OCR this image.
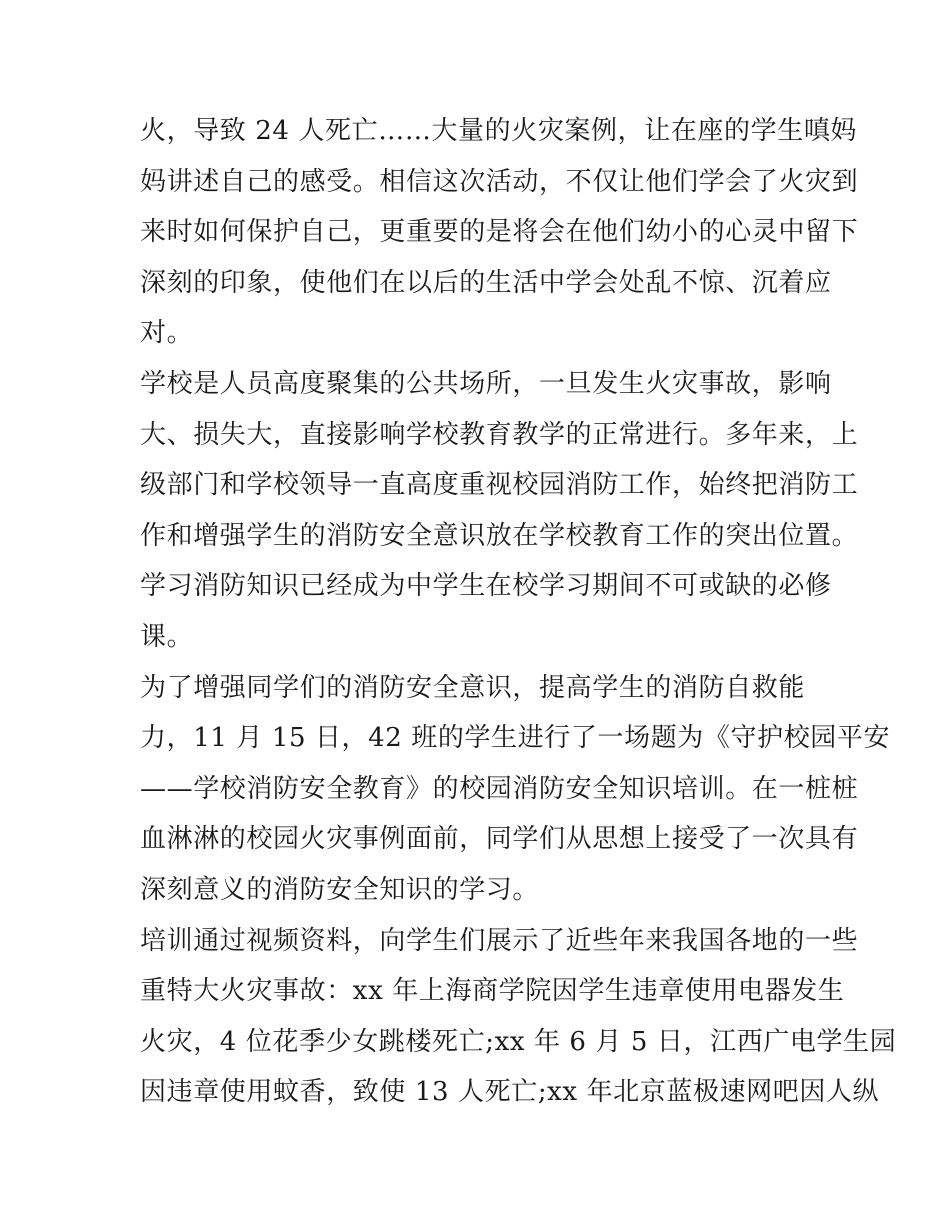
火，导致 24 人死亡……大量的火灾案例，让在座的学生嗔妈
妈讲述自己的感受。相信这次活动，不仅让他们学会了火灾到
来时如何保护自己，更重要的是将会在他们幼小的心灵中留下
深刻的印象，使他们在以后的生活中学会处乱不惊、沉着应
对。
学校是人员高度聚集的公共场所，一旦发生火灾事故，影响
大、损失大，直接影响学校教育教学的正常进行。多年来，上
级部门和学校领导一直高度重视校园消防工作，始终把消防工
作和增强学生的消防安全意识放在学校教育工作的突出位置。
学习消防知识已经成为中学生在校学习期间不可或缺的必修
课。
为了增强同学们的消防安全意识，提高学生的消防自救能
力，11 月 15 日，42 班的学生进行了一场题为《守护校园平安
——学校消防安全教育》的校园消防安全知识培训。在一桩桩
血淋淋的校园火灾事例面前，同学们从思想上接受了一次具有
深刻意义的消防安全知识的学习。
培训通过视频资料，向学生们展示了近些年来我国各地的一些
重特大火灾事故：xx 年上海商学院因学生违章使用电器发生
火灾，4 位花季少女跳楼死亡;xx 年 6 月 5 日，江西广电学生园
因违章使用蚊香，致使 13 人死亡;xx 年北京蓝极速网吧因人纵
